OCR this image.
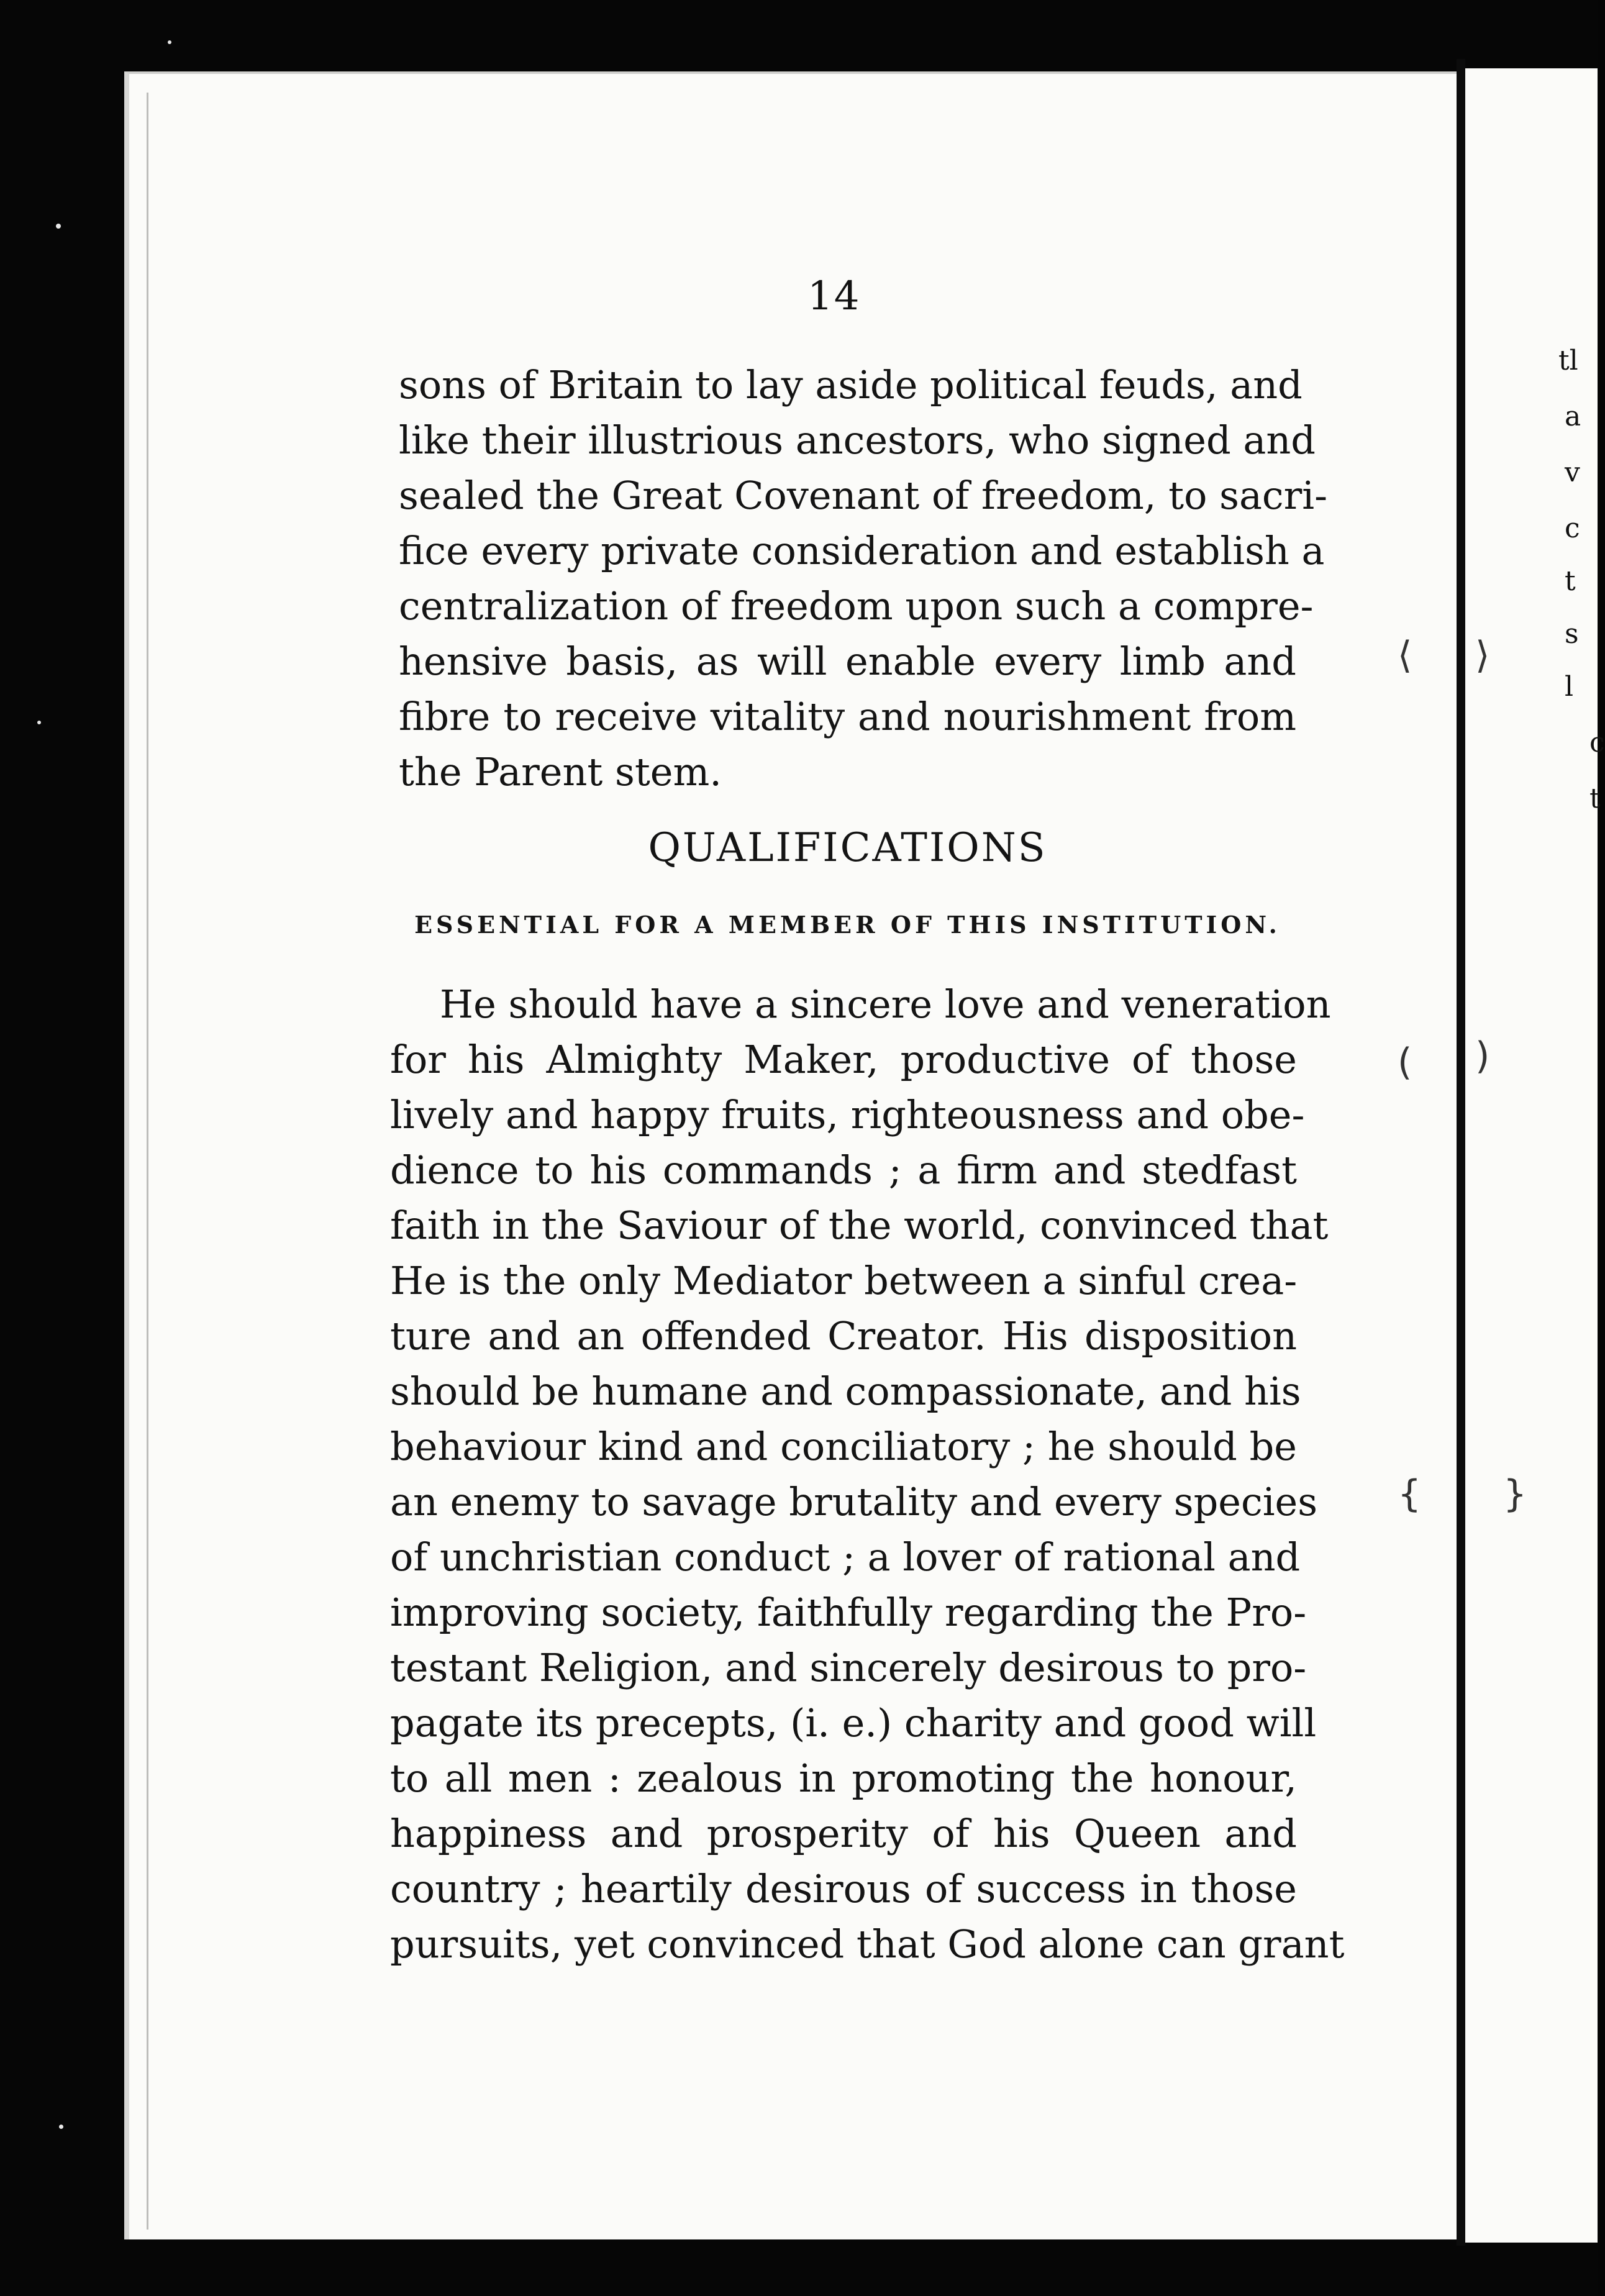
tl
a
v
c
t
s
l
c
t
⟨ ⟩
( )
{ }
14
sons of Britain to lay aside political feuds, and
like their illustrious ancestors, who signed and
sealed the Great Covenant of freedom, to sacri-
fice every private consideration and establish a
centralization of freedom upon such a compre-
hensive basis, as will enable every limb and
fibre to receive vitality and nourishment from
the Parent stem.
QUALIFICATIONS
ESSENTIAL FOR A MEMBER OF THIS INSTITUTION.
He should have a sincere love and veneration
for his Almighty Maker, productive of those
lively and happy fruits, righteousness and obe-
dience to his commands ; a firm and stedfast
faith in the Saviour of the world, convinced that
He is the only Mediator between a sinful crea-
ture and an offended Creator. His disposition
should be humane and compassionate, and his
behaviour kind and conciliatory ; he should be
an enemy to savage brutality and every species
of unchristian conduct ; a lover of rational and
improving society, faithfully regarding the Pro-
testant Religion, and sincerely desirous to pro-
pagate its precepts, (i. e.) charity and good will
to all men : zealous in promoting the honour,
happiness and prosperity of his Queen and
country ; heartily desirous of success in those
pursuits, yet convinced that God alone can grant
